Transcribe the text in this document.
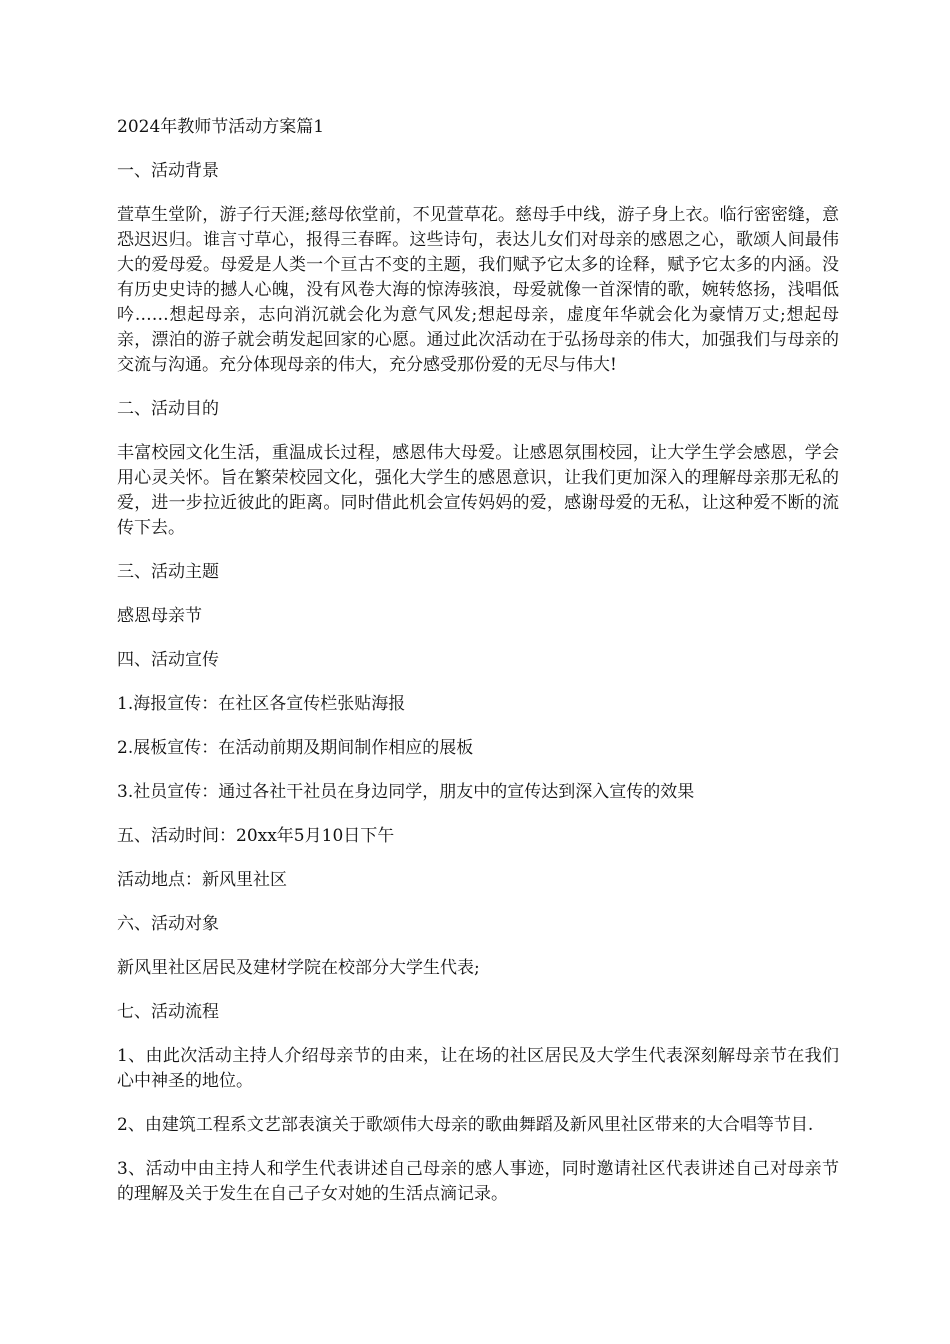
2024年教师节活动方案篇1

一、活动背景

萱草生堂阶，游子行天涯;慈母依堂前，不见萱草花。慈母手中线，游子身上衣。临行密密缝，意恐迟迟归。谁言寸草心，报得三春晖。这些诗句，表达儿女们对母亲的感恩之心，歌颂人间最伟大的爱母爱。母爱是人类一个亘古不变的主题，我们赋予它太多的诠释，赋予它太多的内涵。没有历史史诗的撼人心魄，没有风卷大海的惊涛骇浪，母爱就像一首深情的歌，婉转悠扬，浅唱低吟……想起母亲，志向消沉就会化为意气风发;想起母亲，虚度年华就会化为豪情万丈;想起母亲，漂泊的游子就会萌发起回家的心愿。通过此次活动在于弘扬母亲的伟大，加强我们与母亲的交流与沟通。充分体现母亲的伟大，充分感受那份爱的无尽与伟大!

二、活动目的

丰富校园文化生活，重温成长过程，感恩伟大母爱。让感恩氛围校园，让大学生学会感恩，学会用心灵关怀。旨在繁荣校园文化，强化大学生的感恩意识，让我们更加深入的理解母亲那无私的爱，进一步拉近彼此的距离。同时借此机会宣传妈妈的爱，感谢母爱的无私，让这种爱不断的流传下去。

三、活动主题

感恩母亲节

四、活动宣传

1.海报宣传：在社区各宣传栏张贴海报

2.展板宣传：在活动前期及期间制作相应的展板

3.社员宣传：通过各社干社员在身边同学，朋友中的宣传达到深入宣传的效果

五、活动时间：20xx年5月10日下午

活动地点：新风里社区

六、活动对象

新风里社区居民及建材学院在校部分大学生代表;

七、活动流程

1、由此次活动主持人介绍母亲节的由来，让在场的社区居民及大学生代表深刻解母亲节在我们心中神圣的地位。

2、由建筑工程系文艺部表演关于歌颂伟大母亲的歌曲舞蹈及新风里社区带来的大合唱等节目.

3、活动中由主持人和学生代表讲述自己母亲的感人事迹，同时邀请社区代表讲述自己对母亲节的理解及关于发生在自己子女对她的生活点滴记录。
